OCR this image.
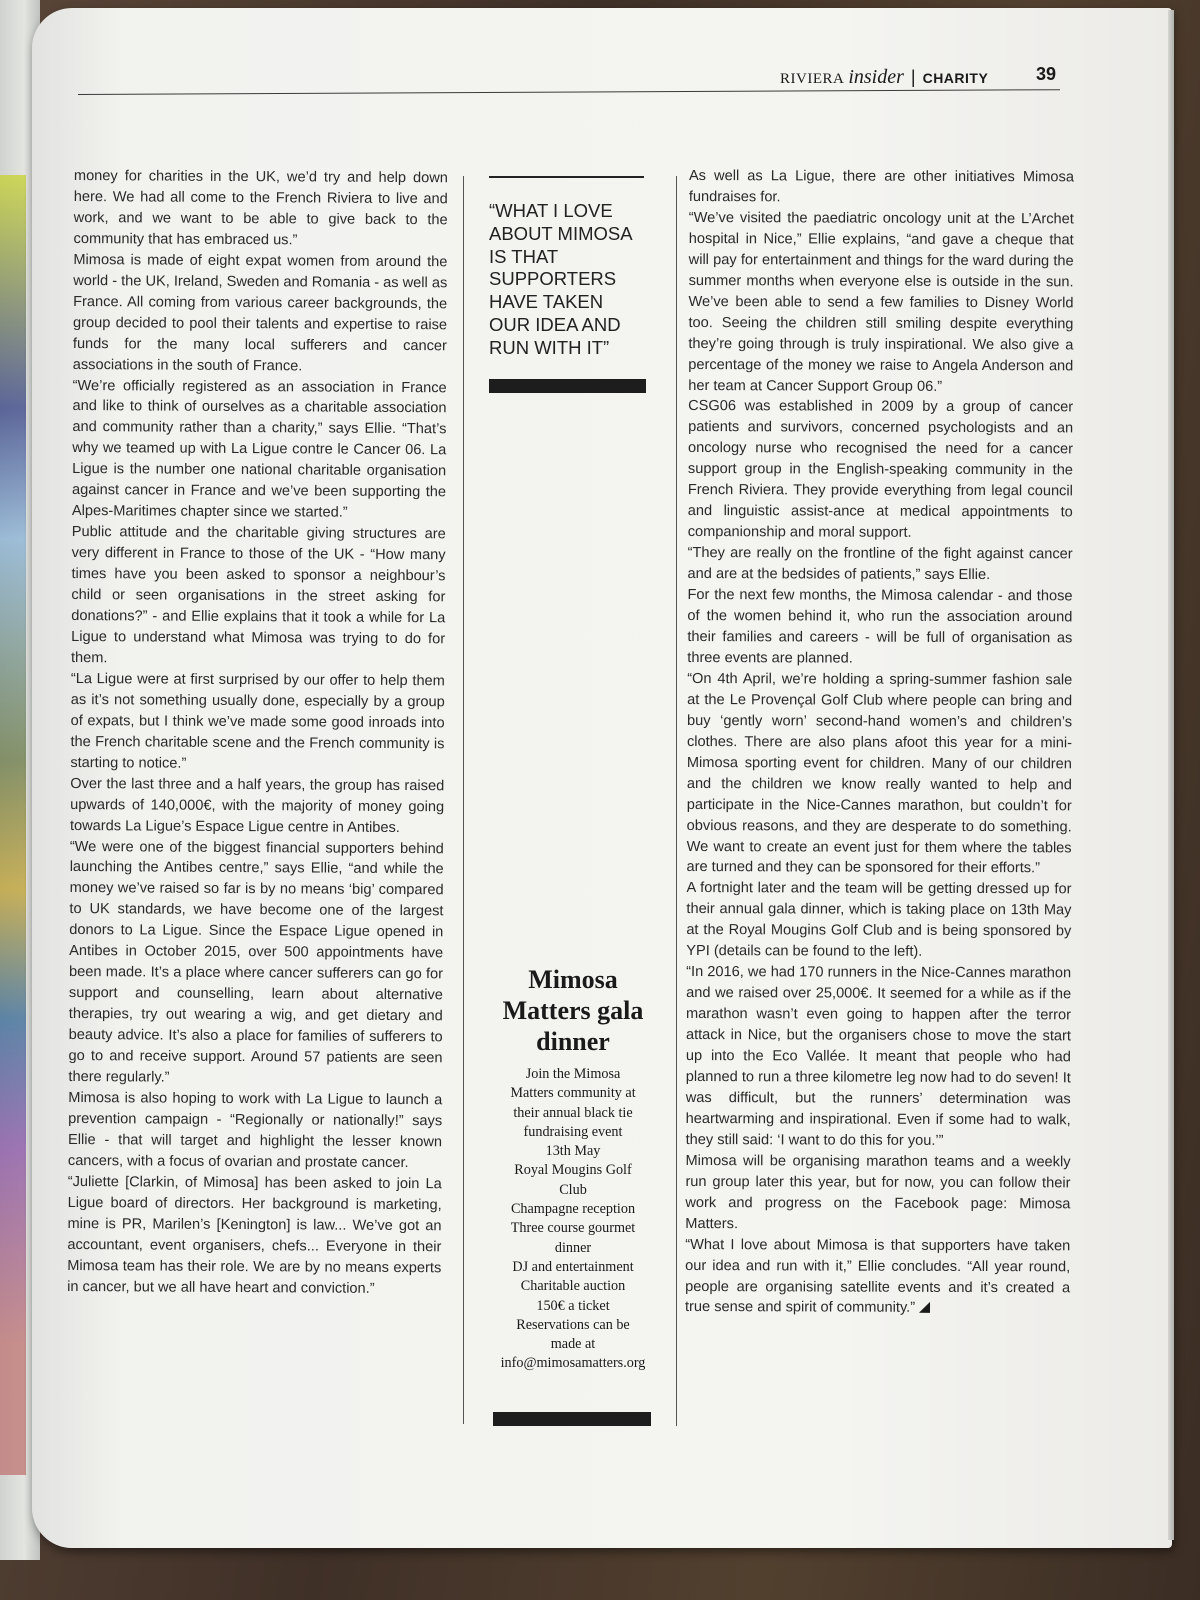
RIVIERA insider | CHARITY	39

money for charities in the UK, we’d try and help down here. We had all come to the French Riviera to live and work, and we want to be able to give back to the community that has embraced us.”

Mimosa is made of eight expat women from around the world - the UK, Ireland, Sweden and Romania - as well as France. All coming from various career backgrounds, the group decided to pool their talents and expertise to raise funds for the many local sufferers and cancer associations in the south of France.

“We’re officially registered as an association in France and like to think of ourselves as a charitable association and community rather than a charity,” says Ellie. “That’s why we teamed up with La Ligue contre le Cancer 06. La Ligue is the number one national charitable organisation against cancer in France and we’ve been supporting the Alpes-Maritimes chapter since we started.”

Public attitude and the charitable giving structures are very different in France to those of the UK - “How many times have you been asked to sponsor a neighbour’s child or seen organisations in the street asking for donations?” - and Ellie explains that it took a while for La Ligue to understand what Mimosa was trying to do for them.

“La Ligue were at first surprised by our offer to help them as it’s not something usually done, especially by a group of expats, but I think we’ve made some good inroads into the French charitable scene and the French community is starting to notice.”

Over the last three and a half years, the group has raised upwards of 140,000€, with the majority of money going towards La Ligue’s Espace Ligue centre in Antibes.

“We were one of the biggest financial supporters behind launching the Antibes centre,” says Ellie, “and while the money we’ve raised so far is by no means ‘big’ compared to UK standards, we have become one of the largest donors to La Ligue. Since the Espace Ligue opened in Antibes in October 2015, over 500 appointments have been made. It’s a place where cancer sufferers can go for support and counselling, learn about alternative therapies, try out wearing a wig, and get dietary and beauty advice. It’s also a place for families of sufferers to go to and receive support. Around 57 patients are seen there regularly.”

Mimosa is also hoping to work with La Ligue to launch a prevention campaign - “Regionally or nationally!” says Ellie - that will target and highlight the lesser known cancers, with a focus of ovarian and prostate cancer.

“Juliette [Clarkin, of Mimosa] has been asked to join La Ligue board of directors. Her background is marketing, mine is PR, Marilen’s [Kenington] is law... We’ve got an accountant, event organisers, chefs... Everyone in their Mimosa team has their role. We are by no means experts in cancer, but we all have heart and conviction.”

“WHAT I LOVE ABOUT MIMOSA IS THAT SUPPORTERS HAVE TAKEN OUR IDEA AND RUN WITH IT”
Mimosa Matters gala dinner
Join the Mimosa
Matters community at
their annual black tie
fundraising event
13th May
Royal Mougins Golf
Club
Champagne reception
Three course gourmet
dinner
DJ and entertainment
Charitable auction
150€ a ticket
Reservations can be
made at
info@mimosamatters.org

As well as La Ligue, there are other initiatives Mimosa fundraises for.

“We’ve visited the paediatric oncology unit at the L’Archet hospital in Nice,” Ellie explains, “and gave a cheque that will pay for entertainment and things for the ward during the summer months when everyone else is outside in the sun. We’ve been able to send a few families to Disney World too. Seeing the children still smiling despite everything they’re going through is truly inspirational. We also give a percentage of the money we raise to Angela Anderson and her team at Cancer Support Group 06.”

CSG06 was established in 2009 by a group of cancer patients and survivors, concerned psychologists and an oncology nurse who recognised the need for a cancer support group in the English-speaking community in the French Riviera. They provide everything from legal council and linguistic assist-ance at medical appointments to companionship and moral support.

“They are really on the frontline of the fight against cancer and are at the bedsides of patients,” says Ellie.

For the next few months, the Mimosa calendar - and those of the women behind it, who run the association around their families and careers - will be full of organisation as three events are planned.

“On 4th April, we’re holding a spring-summer fashion sale at the Le Provençal Golf Club where people can bring and buy ‘gently worn’ second-hand women’s and children’s clothes. There are also plans afoot this year for a mini-Mimosa sporting event for children. Many of our children and the children we know really wanted to help and participate in the Nice-Cannes marathon, but couldn’t for obvious reasons, and they are desperate to do something. We want to create an event just for them where the tables are turned and they can be sponsored for their efforts.”

A fortnight later and the team will be getting dressed up for their annual gala dinner, which is taking place on 13th May at the Royal Mougins Golf Club and is being sponsored by YPI (details can be found to the left).

“In 2016, we had 170 runners in the Nice-Cannes marathon and we raised over 25,000€. It seemed for a while as if the marathon wasn’t even going to happen after the terror attack in Nice, but the organisers chose to move the start up into the Eco Vallée. It meant that people who had planned to run a three kilometre leg now had to do seven! It was difficult, but the runners’ determination was heartwarming and inspirational. Even if some had to walk, they still said: ‘I want to do this for you.’”

Mimosa will be organising marathon teams and a weekly run group later this year, but for now, you can follow their work and progress on the Facebook page: Mimosa Matters.

“What I love about Mimosa is that supporters have taken our idea and run with it,” Ellie concludes. “All year round, people are organising satellite events and it’s created a true sense and spirit of community.”
